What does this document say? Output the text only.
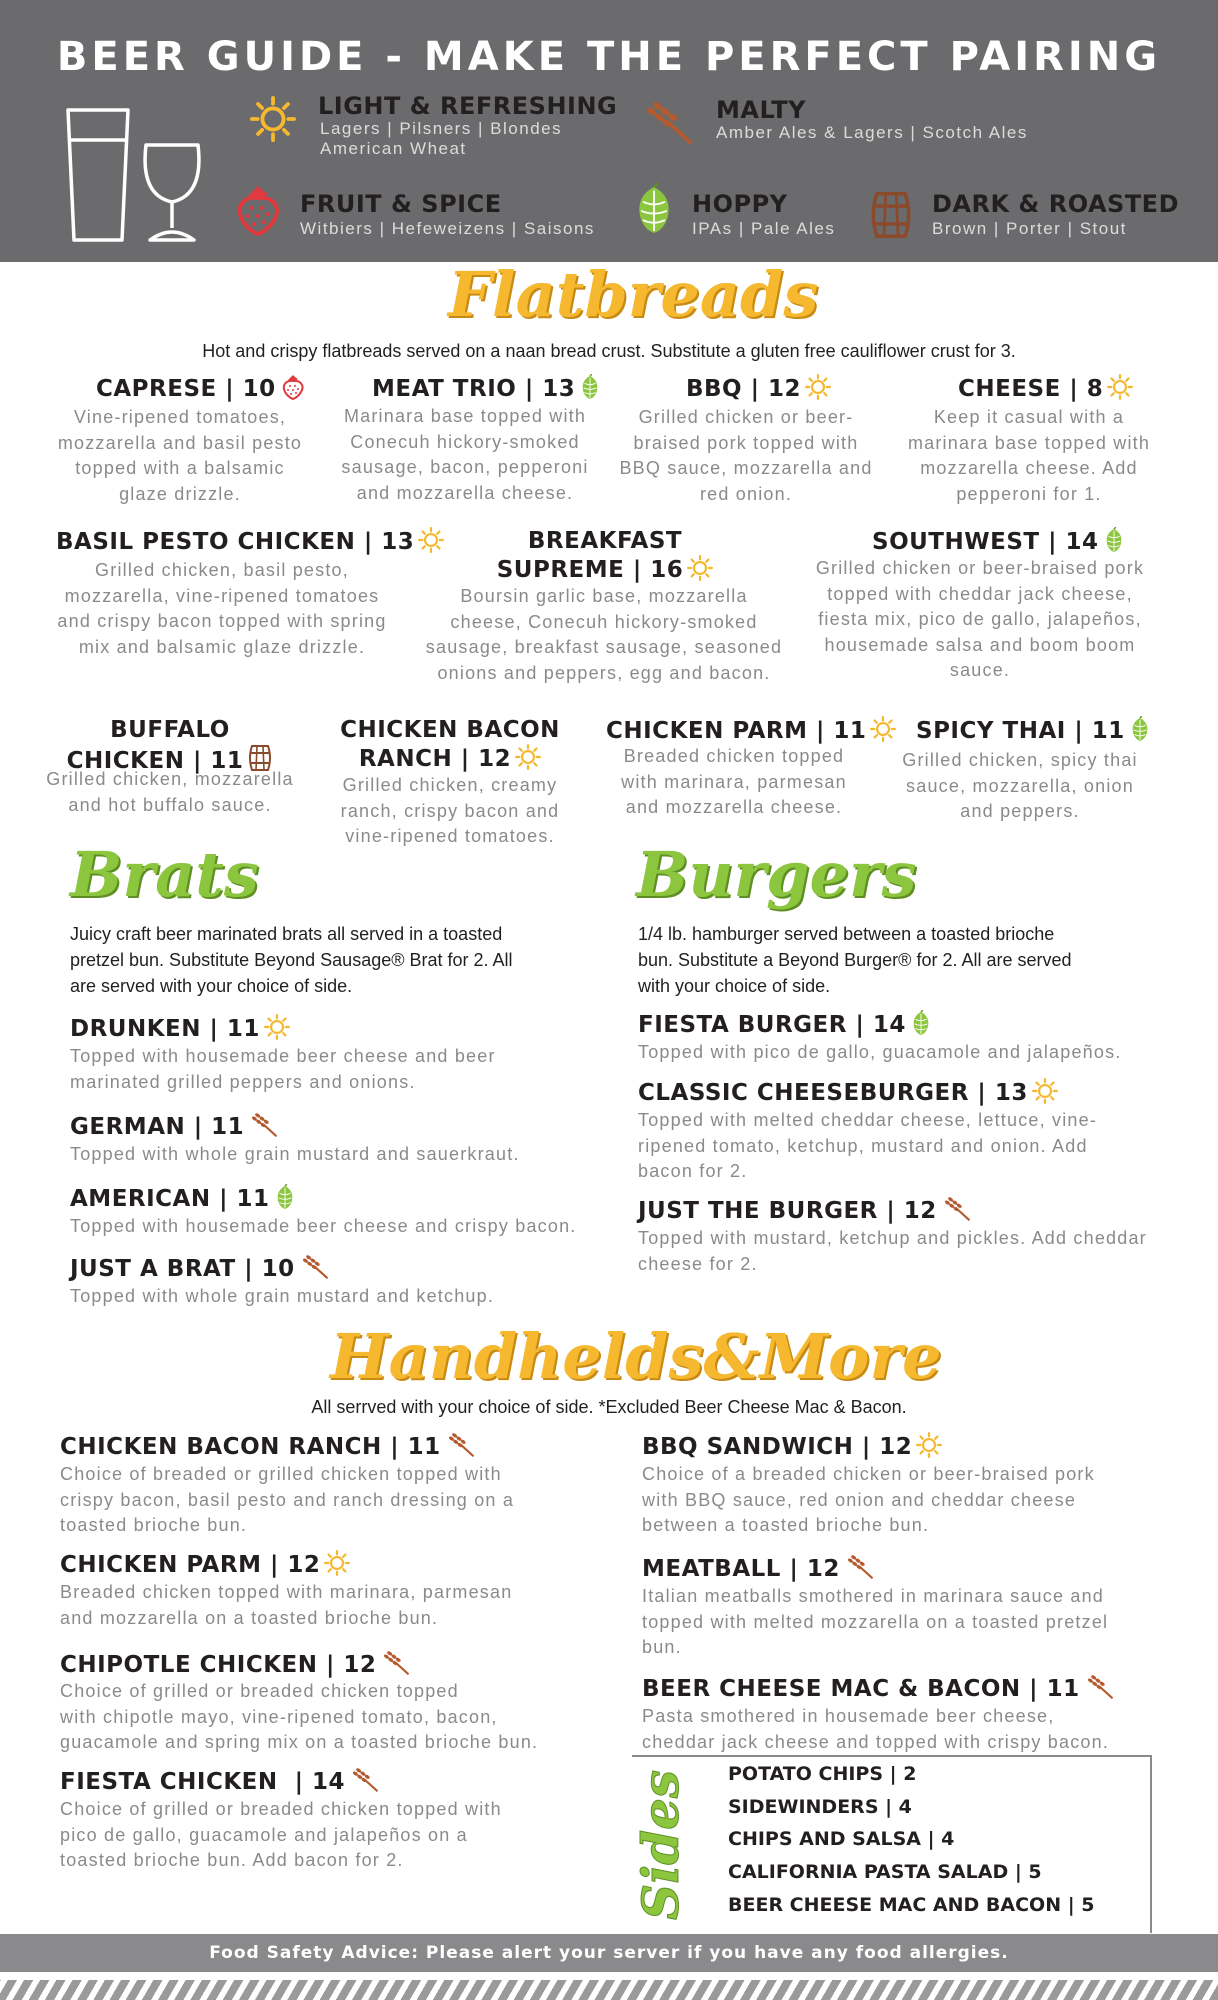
BEER GUIDE - MAKE THE PERFECT PAIRING
LIGHT & REFRESHING
Lagers | Pilsners | Blondes
American Wheat
MALTY
Amber Ales & Lagers | Scotch Ales
FRUIT & SPICE
Witbiers | Hefeweizens | Saisons
HOPPY
IPAs | Pale Ales
DARK & ROASTED
Brown | Porter | Stout
Flatbreads
Hot and crispy flatbreads served on a naan bread crust. Substitute a gluten free cauliflower crust for 3.
CAPRESE | 10
Vine-ripened tomatoes,
mozzarella and basil pesto
topped with a balsamic
glaze drizzle.
MEAT TRIO | 13
Marinara base topped with
Conecuh hickory-smoked
sausage, bacon, pepperoni
and mozzarella cheese.
BBQ | 12
Grilled chicken or beer-
braised pork topped with
BBQ sauce, mozzarella and
red onion.
CHEESE | 8
Keep it casual with a
marinara base topped with
mozzarella cheese. Add
pepperoni for 1.
BASIL PESTO CHICKEN | 13
Grilled chicken, basil pesto,
mozzarella, vine-ripened tomatoes
and crispy bacon topped with spring
mix and balsamic glaze drizzle.
BREAKFAST
SUPREME | 16
Boursin garlic base, mozzarella
cheese, Conecuh hickory-smoked
sausage, breakfast sausage, seasoned
onions and peppers, egg and bacon.
SOUTHWEST | 14
Grilled chicken or beer-braised pork
topped with cheddar jack cheese,
fiesta mix, pico de gallo, jalapeños,
housemade salsa and boom boom
sauce.
BUFFALO
CHICKEN | 11
Grilled chicken, mozzarella
and hot buffalo sauce.
CHICKEN BACON
RANCH | 12
Grilled chicken, creamy
ranch, crispy bacon and
vine-ripened tomatoes.
CHICKEN PARM | 11
Breaded chicken topped
with marinara, parmesan
and mozzarella cheese.
SPICY THAI | 11
Grilled chicken, spicy thai
sauce, mozzarella, onion
and peppers.
Brats
Juicy craft beer marinated brats all served in a toasted
pretzel bun. Substitute Beyond Sausage® Brat for 2. All
are served with your choice of side.
DRUNKEN | 11
Topped with housemade beer cheese and beer
marinated grilled peppers and onions.
GERMAN | 11
Topped with whole grain mustard and sauerkraut.
AMERICAN | 11
Topped with housemade beer cheese and crispy bacon.
JUST A BRAT | 10
Topped with whole grain mustard and ketchup.
Burgers
1/4 lb. hamburger served between a toasted brioche
bun. Substitute a Beyond Burger® for 2. All are served
with your choice of side.
FIESTA BURGER | 14
Topped with pico de gallo, guacamole and jalapeños.
CLASSIC CHEESEBURGER | 13
Topped with melted cheddar cheese, lettuce, vine-
ripened tomato, ketchup, mustard and onion. Add
bacon for 2.
JUST THE BURGER | 12
Topped with mustard, ketchup and pickles. Add cheddar
cheese for 2.
Handhelds&More
All serrved with your choice of side. *Excluded Beer Cheese Mac & Bacon.
CHICKEN BACON RANCH | 11
Choice of breaded or grilled chicken topped with
crispy bacon, basil pesto and ranch dressing on a
toasted brioche bun.
CHICKEN PARM | 12
Breaded chicken topped with marinara, parmesan
and mozzarella on a toasted brioche bun.
CHIPOTLE CHICKEN | 12
Choice of grilled or breaded chicken topped
with chipotle mayo, vine-ripened tomato, bacon,
guacamole and spring mix on a toasted brioche bun.
FIESTA CHICKEN  | 14
Choice of grilled or breaded chicken topped with
pico de gallo, guacamole and jalapeños on a
toasted brioche bun. Add bacon for 2.
BBQ SANDWICH | 12
Choice of a breaded chicken or beer-braised pork
with BBQ sauce, red onion and cheddar cheese
between a toasted brioche bun.
MEATBALL | 12
Italian meatballs smothered in marinara sauce and
topped with melted mozzarella on a toasted pretzel
bun.
BEER CHEESE MAC & BACON | 11
Pasta smothered in housemade beer cheese,
cheddar jack cheese and topped with crispy bacon.
Sides POTATO CHIPS | 2
SIDEWINDERS | 4
CHIPS AND SALSA | 4
CALIFORNIA PASTA SALAD | 5
BEER CHEESE MAC AND BACON | 5
Food Safety Advice: Please alert your server if you have any food allergies.
